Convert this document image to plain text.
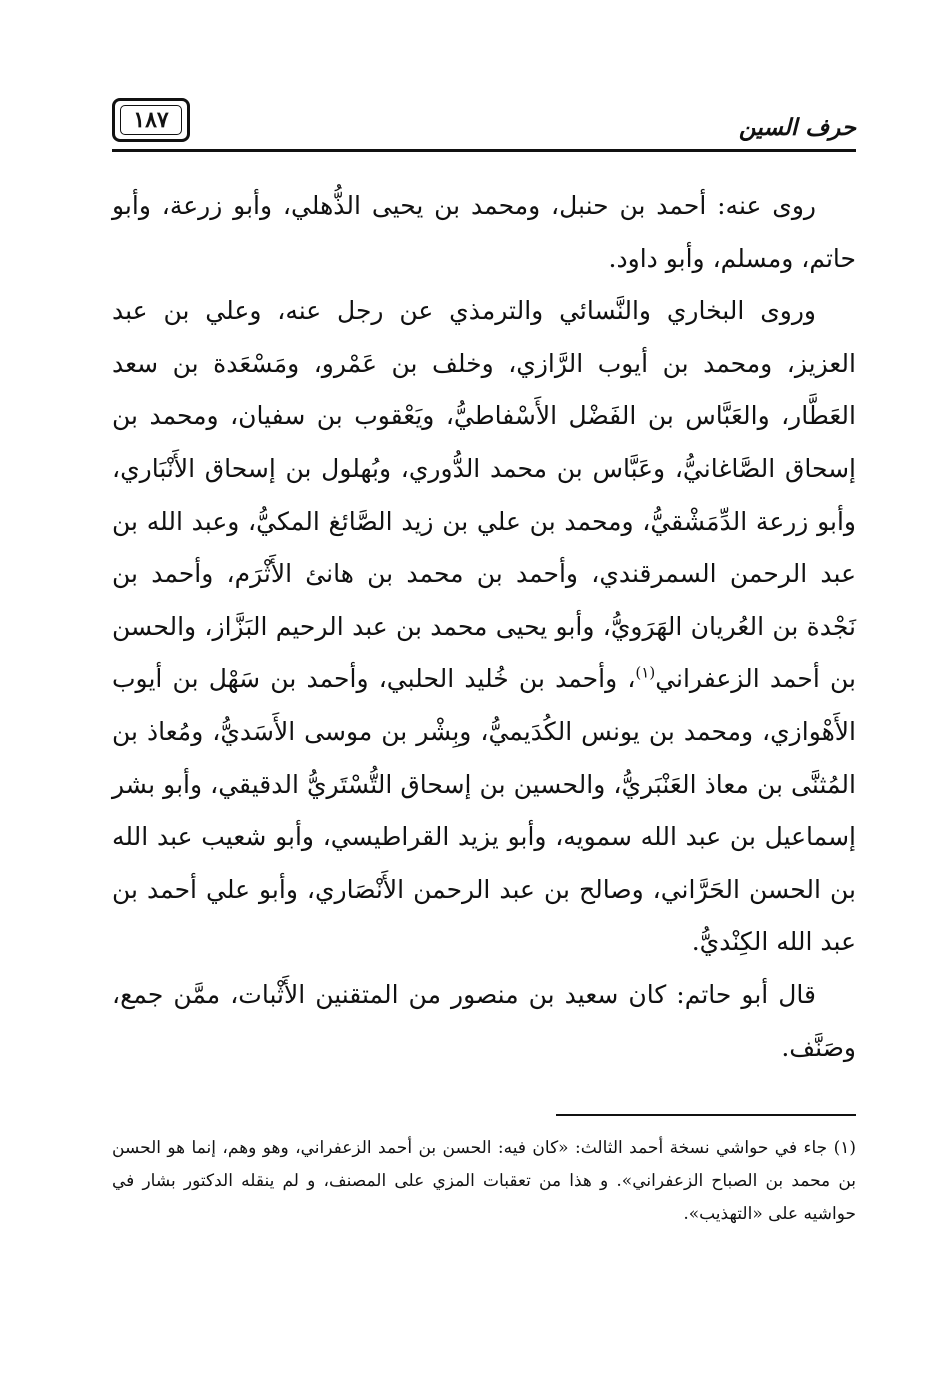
١٨٧	حرف السين

روى عنه: أحمد بن حنبل، ومحمد بن يحيى الذُّهلي، وأبو زرعة، وأبو حاتم، ومسلم، وأبو داود.

وروى البخاري والنَّسائي والترمذي عن رجل عنه، وعلي بن عبد العزيز، ومحمد بن أيوب الرَّازي، وخلف بن عَمْرو، ومَسْعَدة بن سعد العَطَّار، والعَبَّاس بن الفَضْل الأَسْفاطيُّ، ويَعْقوب بن سفيان، ومحمد بن إسحاق الصَّاغانيُّ، وعَبَّاس بن محمد الدُّوري، وبُهلول بن إسحاق الأَنْبَاري، وأبو زرعة الدِّمَشْقيُّ، ومحمد بن علي بن زيد الصَّائغ المكيُّ، وعبد الله بن عبد الرحمن السمرقندي، وأحمد بن محمد بن هانئ الأَثْرَم، وأحمد بن نَجْدة بن العُريان الهَرَويُّ، وأبو يحيى محمد بن عبد الرحيم البَزَّاز، والحسن بن أحمد الزعفراني$^{(١)}$، وأحمد بن خُليد الحلبي، وأحمد بن سَهْل بن أيوب الأَهْوازي، ومحمد بن يونس الكُدَيميُّ، وبِشْر بن موسى الأَسَديُّ، ومُعاذ بن المُثنَّى بن معاذ العَنْبَريُّ، والحسين بن إسحاق التُّسْتَريُّ الدقيقي، وأبو بشر إسماعيل بن عبد الله سمويه، وأبو يزيد القراطيسي، وأبو شعيب عبد الله بن الحسن الحَرَّاني، وصالح بن عبد الرحمن الأَنْصَاري، وأبو علي أحمد بن عبد الله الكِنْديُّ.

قال أبو حاتم: كان سعيد بن منصور من المتقنين الأَثْبات، ممَّن جمع، وصَنَّف.

(١) جاء في حواشي نسخة أحمد الثالث: «كان فيه: الحسن بن أحمد الزعفراني، وهو وهم، إنما هو الحسن بن محمد بن الصباح الزعفراني». و هذا من تعقبات المزي على المصنف، و لم ينقله الدكتور بشار في حواشيه على «التهذيب».
